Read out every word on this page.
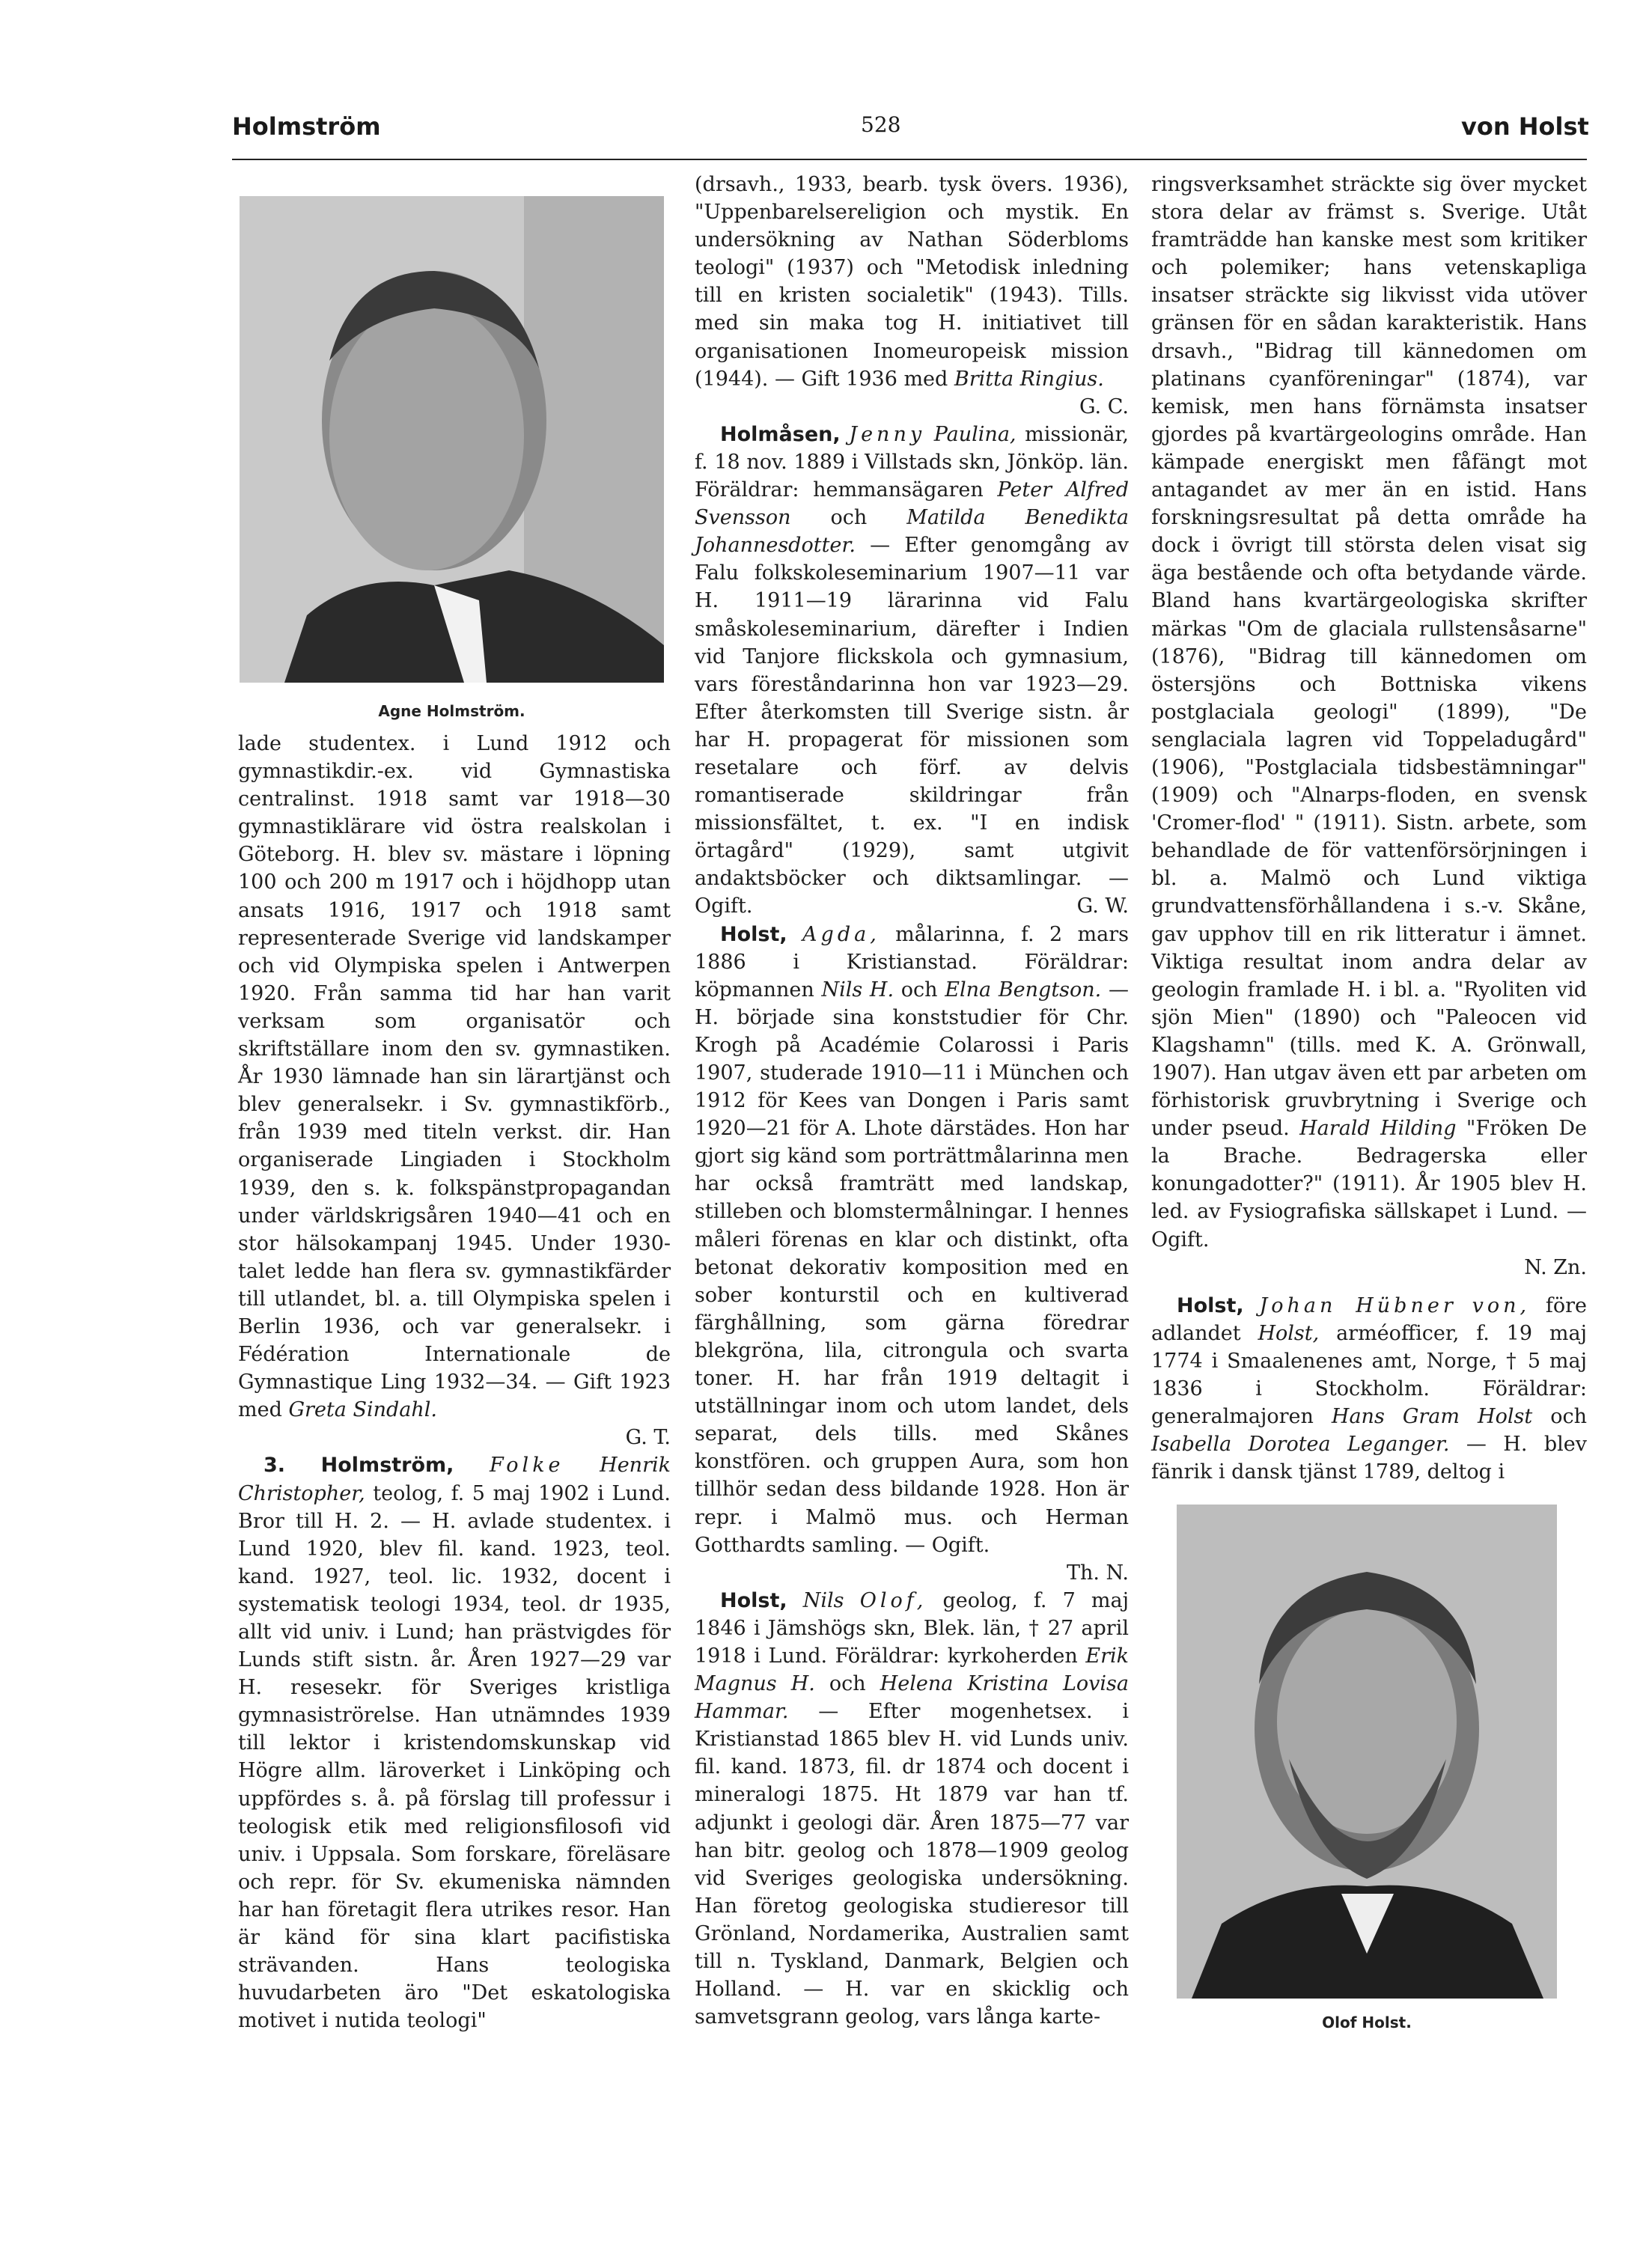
Holmström	528	von Holst
Agne Holmström.

lade studentex. i Lund 1912 och gymnastikdir.-ex. vid Gymnastiska centralinst. 1918 samt var 1918—30 gymnastiklärare vid östra realskolan i Göteborg. H. blev sv. mästare i löpning 100 och 200 m 1917 och i höjdhopp utan ansats 1916, 1917 och 1918 samt representerade Sverige vid landskamper och vid Olympiska spelen i Antwerpen 1920. Från samma tid har han varit verksam som organisatör och skriftställare inom den sv. gymnastiken. År 1930 lämnade han sin lärartjänst och blev generalsekr. i Sv. gymnastikförb., från 1939 med titeln verkst. dir. Han organiserade Lingiaden i Stockholm 1939, den s. k. folkspänstpropagandan under världskrigsåren 1940—41 och en stor hälsokampanj 1945. Under 1930-talet ledde han flera sv. gymnastikfärder till utlandet, bl. a. till Olympiska spelen i Berlin 1936, och var generalsekr. i Fédération Internationale de Gymnastique Ling 1932—34. — Gift 1923 med Greta Sindahl.
G. T.

3. Holmström, Folke Henrik Christopher, teolog, f. 5 maj 1902 i Lund. Bror till H. 2. — H. avlade studentex. i Lund 1920, blev fil. kand. 1923, teol. kand. 1927, teol. lic. 1932, docent i systematisk teologi 1934, teol. dr 1935, allt vid univ. i Lund; han prästvigdes för Lunds stift sistn. år. Åren 1927—29 var H. resesekr. för Sveriges kristliga gymnasiströrelse. Han utnämndes 1939 till lektor i kristendomskunskap vid Högre allm. läroverket i Linköping och uppfördes s. å. på förslag till professur i teologisk etik med religionsfilosofi vid univ. i Uppsala. Som forskare, föreläsare och repr. för Sv. ekumeniska nämnden har han företagit flera utrikes resor. Han är känd för sina klart pacifistiska strävanden. Hans teologiska huvudarbeten äro "Det eskatologiska motivet i nutida teologi"

(drsavh., 1933, bearb. tysk övers. 1936), "Uppenbarelsereligion och mystik. En undersökning av Nathan Söderbloms teologi" (1937) och "Metodisk inledning till en kristen socialetik" (1943). Tills. med sin maka tog H. initiativet till organisationen Inomeuropeisk mission (1944). — Gift 1936 med Britta Ringius.
G. C.

Holmåsen, Jenny Paulina, missionär, f. 18 nov. 1889 i Villstads skn, Jönköp. län. Föräldrar: hemmansägaren Peter Alfred Svensson och Matilda Benedikta Johannesdotter. — Efter genomgång av Falu folkskoleseminarium 1907—11 var H. 1911—19 lärarinna vid Falu småskoleseminarium, därefter i Indien vid Tanjore flickskola och gymnasium, vars föreståndarinna hon var 1923—29. Efter återkomsten till Sverige sistn. år har H. propagerat för missionen som resetalare och förf. av delvis romantiserade skildringar från missionsfältet, t. ex. "I en indisk örtagård" (1929), samt utgivit andaktsböcker och diktsamlingar. — Ogift.	G. W.

Holst, Agda, målarinna, f. 2 mars 1886 i Kristianstad. Föräldrar: köpmannen Nils H. och Elna Bengtson. — H. började sina konststudier för Chr. Krogh på Académie Colarossi i Paris 1907, studerade 1910—11 i München och 1912 för Kees van Dongen i Paris samt 1920—21 för A. Lhote därstädes. Hon har gjort sig känd som porträttmålarinna men har också framträtt med landskap, stilleben och blomstermålningar. I hennes måleri förenas en klar och distinkt, ofta betonat dekorativ komposition med en sober konturstil och en kultiverad färghållning, som gärna föredrar blekgröna, lila, citrongula och svarta toner. H. har från 1919 deltagit i utställningar inom och utom landet, dels separat, dels tills. med Skånes konstfören. och gruppen Aura, som hon tillhör sedan dess bildande 1928. Hon är repr. i Malmö mus. och Herman Gotthardts samling. — Ogift.
Th. N.

Holst, Nils Olof, geolog, f. 7 maj 1846 i Jämshögs skn, Blek. län, † 27 april 1918 i Lund. Föräldrar: kyrkoherden Erik Magnus H. och Helena Kristina Lovisa Hammar. — Efter mogenhetsex. i Kristianstad 1865 blev H. vid Lunds univ. fil. kand. 1873, fil. dr 1874 och docent i mineralogi 1875. Ht 1879 var han tf. adjunkt i geologi där. Åren 1875—77 var han bitr. geolog och 1878—1909 geolog vid Sveriges geologiska undersökning. Han företog geologiska studieresor till Grönland, Nordamerika, Australien samt till n. Tyskland, Danmark, Belgien och Holland. — H. var en skicklig och samvetsgrann geolog, vars långa karte-

ringsverksamhet sträckte sig över mycket stora delar av främst s. Sverige. Utåt framträdde han kanske mest som kritiker och polemiker; hans vetenskapliga insatser sträckte sig likvisst vida utöver gränsen för en sådan karakteristik. Hans drsavh., "Bidrag till kännedomen om platinans cyanföreningar" (1874), var kemisk, men hans förnämsta insatser gjordes på kvartärgeologins område. Han kämpade energiskt men fåfängt mot antagandet av mer än en istid. Hans forskningsresultat på detta område ha dock i övrigt till största delen visat sig äga bestående och ofta betydande värde. Bland hans kvartärgeologiska skrifter märkas "Om de glaciala rullstensåsarne" (1876), "Bidrag till kännedomen om östersjöns och Bottniska vikens postglaciala geologi" (1899), "De senglaciala lagren vid Toppeladugård" (1906), "Postglaciala tidsbestämningar" (1909) och "Alnarps-floden, en svensk 'Cromer-flod' " (1911). Sistn. arbete, som behandlade de för vattenförsörjningen i bl. a. Malmö och Lund viktiga grundvattensförhållandena i s.-v. Skåne, gav upphov till en rik litteratur i ämnet. Viktiga resultat inom andra delar av geologin framlade H. i bl. a. "Ryoliten vid sjön Mien" (1890) och "Paleocen vid Klagshamn" (tills. med K. A. Grönwall, 1907). Han utgav även ett par arbeten om förhistorisk gruvbrytning i Sverige och under pseud. Harald Hilding "Fröken De la Brache. Bedragerska eller konungadotter?" (1911). År 1905 blev H. led. av Fysiografiska sällskapet i Lund. — Ogift.
N. Zn.

Holst, Johan Hübner von, före adlandet Holst, arméofficer, f. 19 maj 1774 i Smaalenenes amt, Norge, † 5 maj 1836 i Stockholm. Föräldrar: generalmajoren Hans Gram Holst och Isabella Dorotea Leganger. — H. blev fänrik i dansk tjänst 1789, deltog i

Olof Holst.
